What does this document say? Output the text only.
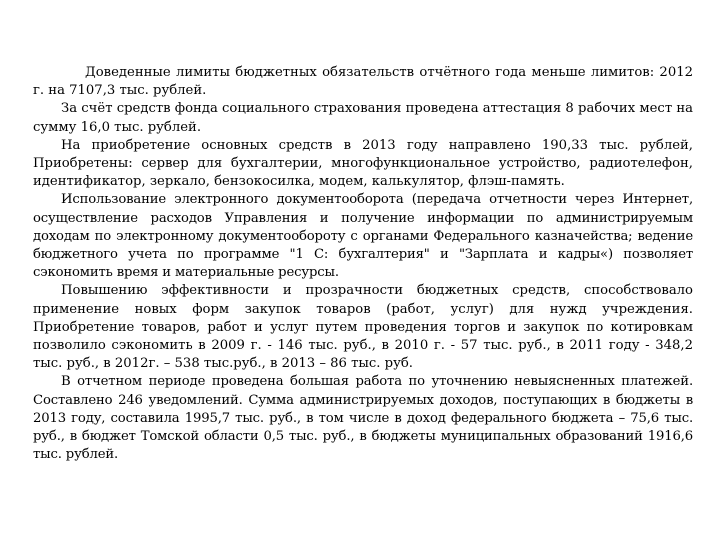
Доведенные лимиты бюджетных обязательств отчётного года меньше лимитов: 2012 г. на 7107,3 тыс. рублей.

За счёт средств фонда социального страхования проведена аттестация 8 рабочих мест на сумму 16,0 тыс. рублей.

На приобретение основных средств в 2013 году направлено 190,33 тыс. рублей, Приобретены: сервер для бухгалтерии, многофункциональное устройство, радиотелефон, идентификатор, зеркало, бензокосилка, модем, калькулятор, флэш-память.

Использование электронного документооборота (передача отчетности через Интернет, осуществление расходов Управления и получение информации по администрируемым доходам по электронному документообороту с органами Федерального казначейства; ведение бюджетного учета по программе "1 С: бухгалтерия" и "Зарплата и кадры«) позволяет сэкономить время и материальные ресурсы.

Повышению эффективности и прозрачности бюджетных средств, способствовало применение новых форм закупок товаров (работ, услуг) для нужд учреждения. Приобретение товаров, работ и услуг путем проведения торгов и закупок по котировкам позволило сэкономить в 2009 г. - 146 тыс. руб., в 2010 г. - 57 тыс. руб., в 2011 году - 348,2 тыс. руб., в 2012г. – 538 тыс.руб., в 2013 – 86 тыс. руб.

В отчетном периоде проведена большая работа по уточнению невыясненных платежей. Составлено 246 уведомлений. Сумма администрируемых доходов, поступающих в бюджеты в 2013 году, составила 1995,7 тыс. руб., в том числе в доход федерального бюджета – 75,6 тыс. руб., в бюджет Томской области 0,5 тыс. руб., в бюджеты муниципальных образований 1916,6 тыс. рублей.
